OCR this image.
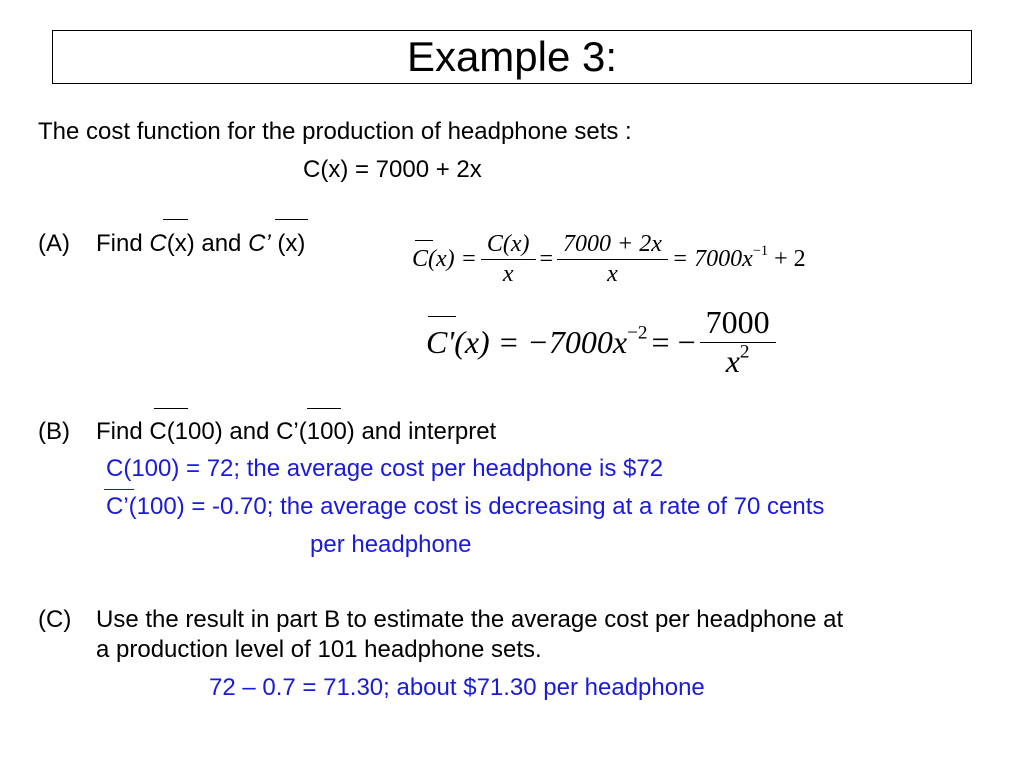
Example 3:
The cost function for the production of headphone sets :
C(x) = 7000 + 2x
(A) Find C(x) and C’ (x)
$C(x) = \frac{C(x)}{x} = \frac{7000 + 2x}{x} = 7000x^{-1} + 2$
$C'(x) = -7000x^{-2}$ = − $\frac{7000}{x^2}$
(B) Find C(100) and C’(100) and interpret
C(100) = 72; the average cost per headphone is $72
C’(100) = -0.70; the average cost is decreasing at a rate of 70 cents
per headphone
(C) Use the result in part B to estimate the average cost per headphone at
a production level of 101 headphone sets.
72 – 0.7 = 71.30; about $71.30 per headphone
